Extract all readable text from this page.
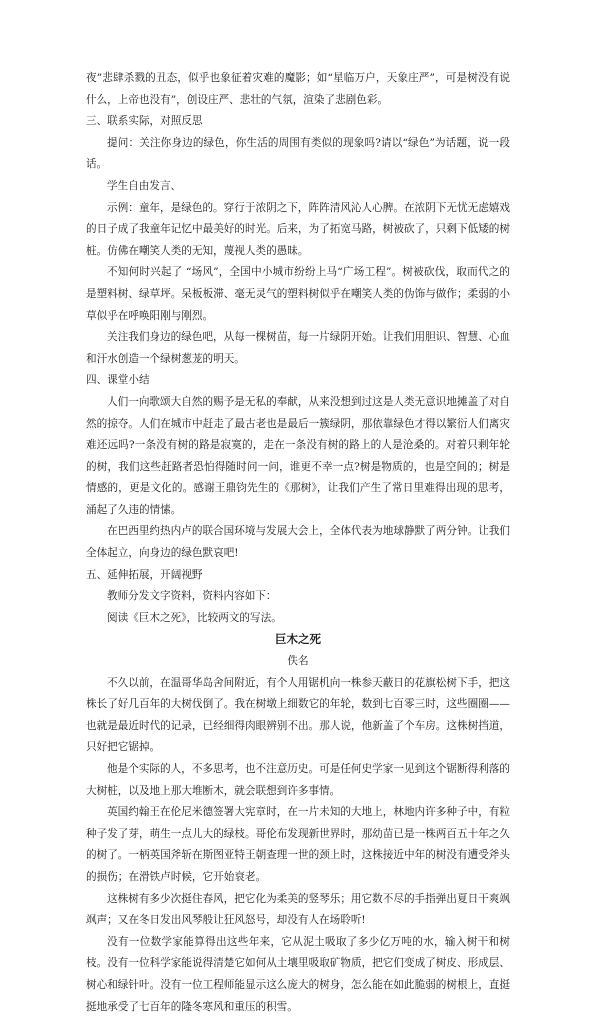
夜”悲肆杀戮的丑态，似乎也象征着灾难的魔影；如“星临万户，天象庄严”，可是树没有说什么，上帝也没有”，创设庄严、悲壮的气氛，渲染了悲剧色彩。

三、联系实际，对照反思

提问：关注你身边的绿色，你生活的周围有类似的现象吗?请以“绿色”为话题，说一段话。

学生自由发言、

示例：童年，是绿色的。穿行于浓阴之下，阵阵清风沁人心脾。在浓阴下无忧无虑嬉戏的日子成了我童年记忆中最美好的时光。后来，为了拓宽马路，树被砍了，只剩下低矮的树桩。仿佛在嘲笑人类的无知，蔑视人类的愚昧。

不知何时兴起了 “场风”，全国中小城市纷纷上马“广场工程”。树被砍伐，取而代之的是塑料树、绿草坪。呆板板滞、毫无灵气的塑料树似乎在嘲笑人类的伪饰与做作；柔弱的小草似乎在呼唤阳刚与刚烈。

关注我们身边的绿色吧，从每一棵树苗，每一片绿阴开始。让我们用胆识、智慧、心血和汗水创造一个绿树葱茏的明天。

四、课堂小结

人们一向歌颂大自然的赐予是无私的奉献，从来没想到过这是人类无意识地摊盖了对自然的掠夺。人们在城市中赶走了最古老也是最后一簇绿阴，那依靠绿色才得以繁衍人们离灾难还远吗?一条没有树的路是寂寞的，走在一条没有树的路上的人是沧桑的。对着只剩年轮的树，我们这些赶路者恐怕得随时问一问，谁更不幸一点?树是物质的，也是空间的；树是情感的，更是文化的。感谢王鼎钧先生的《那树》，让我们产生了常日里难得出现的思考，涌起了久违的情愫。

在巴西里约热内卢的联合国环境与发展大会上，全体代表为地球静默了两分钟。让我们全体起立，向身边的绿色默哀吧!

五、延伸拓展，开阔视野

教师分发文字资料，资料内容如下：

阅读《巨木之死》，比较两文的写法。

巨木之死

佚名

不久以前，在温哥华岛舍间附近，有个人用锯机向一株参天蔽日的花旗松树下手，把这株长了好几百年的大树伐倒了。我在树墩上细数它的年轮，数到七百零三时，这些圈圈——也就是最近时代的记录，已经细得肉眼辨别不出。那人说，他新盖了个车房。这株树挡道，只好把它锯掉。

他是个实际的人，不多思考，也不注意历史。可是任何史学家一见到这个锯断得利落的大树桩，以及地上那大堆断木，就会联想到许多事情。

英国约翰王在伦尼米德签署大宪章时，在一片未知的大地上，林地内许多种子中，有粒种子发了芽，萌生一点儿大的绿枝。哥伦布发现新世界时，那幼苗已是一株两百五十年之久的树了。一柄英国斧斩在斯图亚特王朝查理一世的颈上时，这株接近中年的树没有遭受斧头的损伤；在滑铁卢时候，它开始衰老。

这株树有多少次挺住春风，把它化为柔美的竖琴乐；用它数不尽的手指弹出夏日干爽飒飒声；又在冬日发出风琴般让狂风怒号，却没有人在场聆听!

没有一位数学家能算得出这些年来，它从泥土吸取了多少亿万吨的水，输入树干和树枝。没有一位科学家能说得清楚它如何从土壤里吸取矿物质，把它们变成了树皮、形成层、树心和绿针叶。没有一位工程师能显示这么庞大的树身，怎么能在如此脆弱的树根上，直挺挺地承受了七百年的隆冬寒风和重压的积雪。
